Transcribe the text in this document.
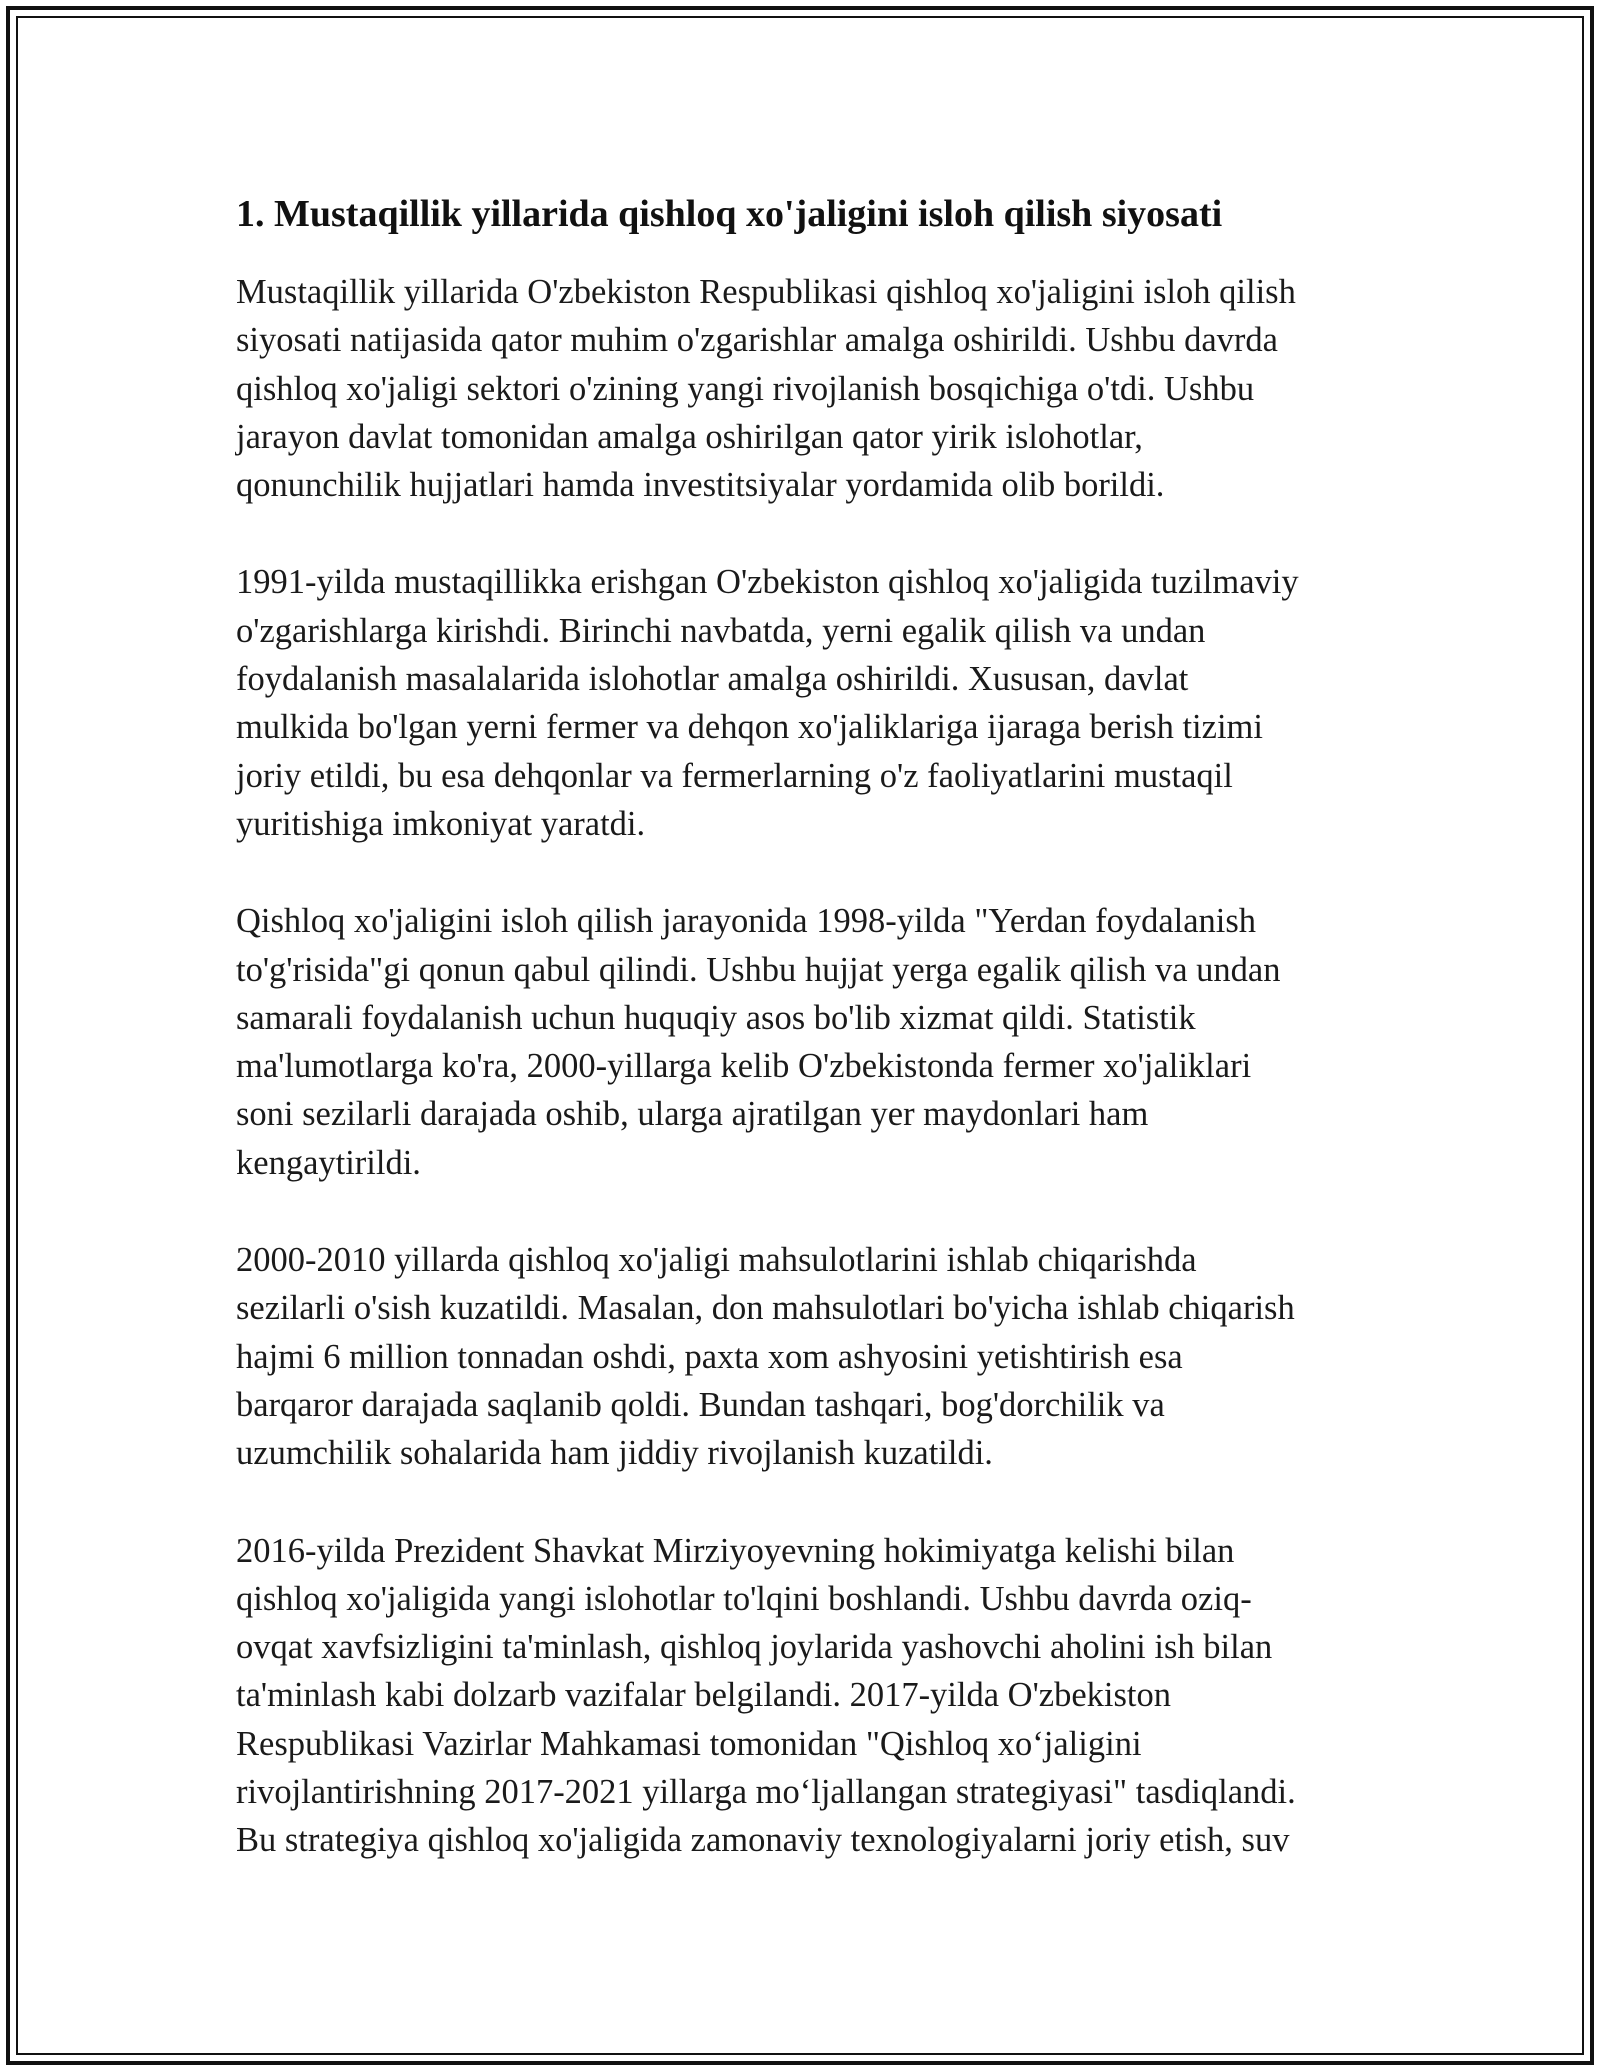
1. Mustaqillik yillarida qishloq xo'jaligini isloh qilish siyosati

Mustaqillik yillarida O'zbekiston Respublikasi qishloq xo'jaligini isloh qilish
siyosati natijasida qator muhim o'zgarishlar amalga oshirildi. Ushbu davrda
qishloq xo'jaligi sektori o'zining yangi rivojlanish bosqichiga o'tdi. Ushbu
jarayon davlat tomonidan amalga oshirilgan qator yirik islohotlar,
qonunchilik hujjatlari hamda investitsiyalar yordamida olib borildi.

1991-yilda mustaqillikka erishgan O'zbekiston qishloq xo'jaligida tuzilmaviy
o'zgarishlarga kirishdi. Birinchi navbatda, yerni egalik qilish va undan
foydalanish masalalarida islohotlar amalga oshirildi. Xususan, davlat
mulkida bo'lgan yerni fermer va dehqon xo'jaliklariga ijaraga berish tizimi
joriy etildi, bu esa dehqonlar va fermerlarning o'z faoliyatlarini mustaqil
yuritishiga imkoniyat yaratdi.

Qishloq xo'jaligini isloh qilish jarayonida 1998-yilda "Yerdan foydalanish
to'g'risida"gi qonun qabul qilindi. Ushbu hujjat yerga egalik qilish va undan
samarali foydalanish uchun huquqiy asos bo'lib xizmat qildi. Statistik
ma'lumotlarga ko'ra, 2000-yillarga kelib O'zbekistonda fermer xo'jaliklari
soni sezilarli darajada oshib, ularga ajratilgan yer maydonlari ham
kengaytirildi.

2000-2010 yillarda qishloq xo'jaligi mahsulotlarini ishlab chiqarishda
sezilarli o'sish kuzatildi. Masalan, don mahsulotlari bo'yicha ishlab chiqarish
hajmi 6 million tonnadan oshdi, paxta xom ashyosini yetishtirish esa
barqaror darajada saqlanib qoldi. Bundan tashqari, bog'dorchilik va
uzumchilik sohalarida ham jiddiy rivojlanish kuzatildi.

2016-yilda Prezident Shavkat Mirziyoyevning hokimiyatga kelishi bilan
qishloq xo'jaligida yangi islohotlar to'lqini boshlandi. Ushbu davrda oziq-
ovqat xavfsizligini ta'minlash, qishloq joylarida yashovchi aholini ish bilan
ta'minlash kabi dolzarb vazifalar belgilandi. 2017-yilda O'zbekiston
Respublikasi Vazirlar Mahkamasi tomonidan "Qishloq xo‘jaligini
rivojlantirishning 2017-2021 yillarga mo‘ljallangan strategiyasi" tasdiqlandi.
Bu strategiya qishloq xo'jaligida zamonaviy texnologiyalarni joriy etish, suv
